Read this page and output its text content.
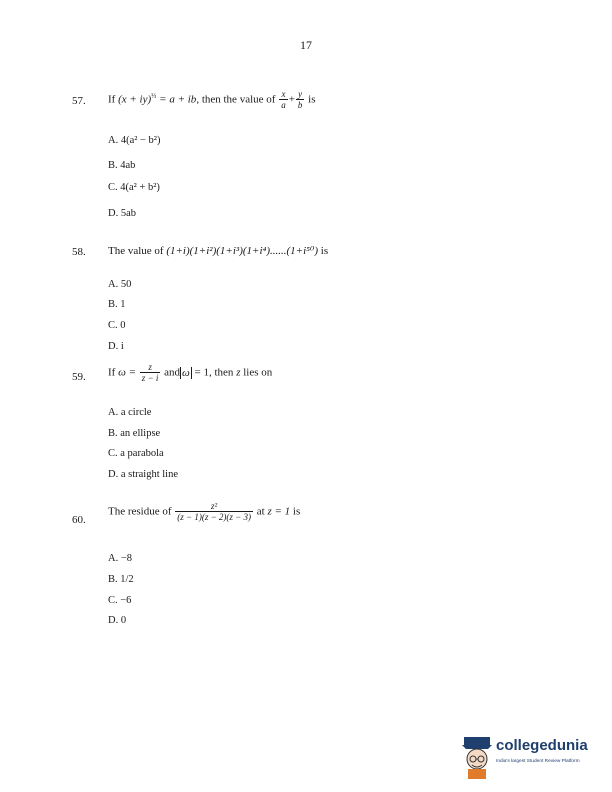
17
57. If (x + iy)$^{\frac{1}{3}}$ = a + ib, then the value of $\frac{x}{a} + \frac{y}{b}$ is
A. 4(a² − b²)
B. 4ab
C. 4(a² + b²)
D. 5ab
58. The value of (1+i)(1+i²)(1+i³)(1+i⁴)......(1+i⁵⁰) is
A. 50
B. 1
C. 0
D. i
59. If $\omega = \frac{z}{z - i}$ and ω = 1, then z lies on
A. a circle
B. an ellipse
C. a parabola
D. a straight line
60.
The residue of $\frac{\text{z²}}{(z - 1)(z - 2)(z - 3)}$ at z = 1 is
A. −8
B. 1/2
C. −6
D. 0
collegedunia
India's largest Student Review Platform
